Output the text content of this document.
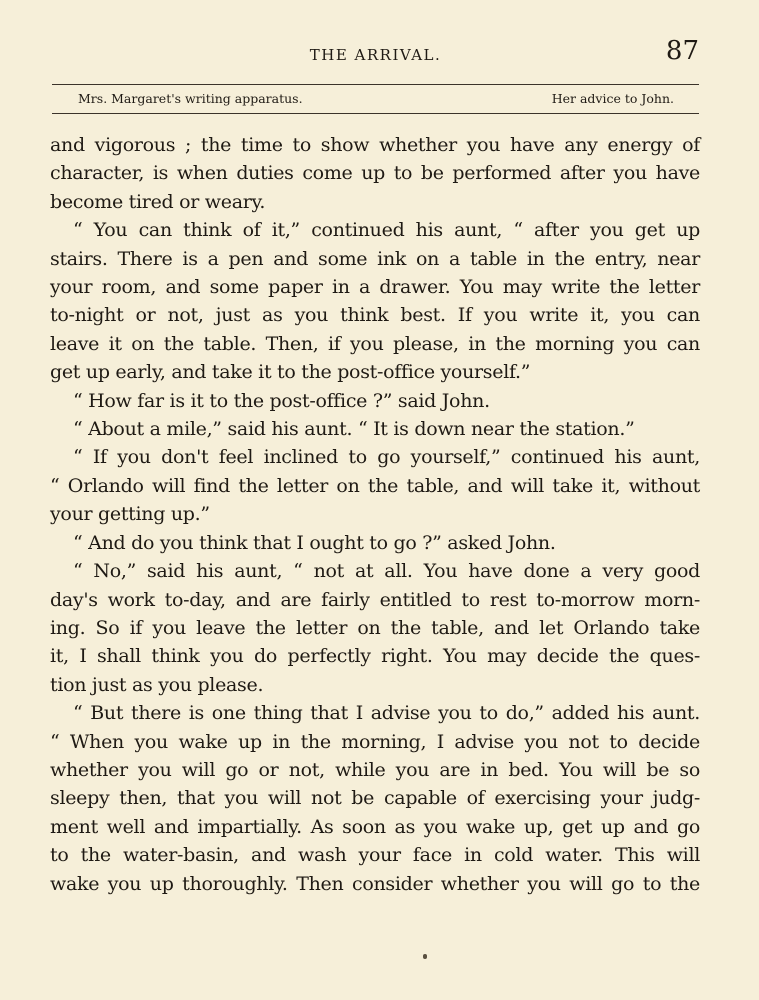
THE ARRIVAL.	87
Mrs. Margaret's writing apparatus.	Her advice to John.
and vigorous ; the time to show whether you have any energy of
character, is when duties come up to be performed after you have
become tired or weary.
“ You can think of it,” continued his aunt, “ after you get up
stairs. There is a pen and some ink on a table in the entry, near
your room, and some paper in a drawer. You may write the letter
to-night or not, just as you think best. If you write it, you can
leave it on the table. Then, if you please, in the morning you can
get up early, and take it to the post-office yourself.”
“ How far is it to the post-office ?” said John.
“ About a mile,” said his aunt. “ It is down near the station.”
“ If you don't feel inclined to go yourself,” continued his aunt,
“ Orlando will find the letter on the table, and will take it, without
your getting up.”
“ And do you think that I ought to go ?” asked John.
“ No,” said his aunt, “ not at all. You have done a very good
day's work to-day, and are fairly entitled to rest to-morrow morn-
ing. So if you leave the letter on the table, and let Orlando take
it, I shall think you do perfectly right. You may decide the ques-
tion just as you please.
“ But there is one thing that I advise you to do,” added his aunt.
“ When you wake up in the morning, I advise you not to decide
whether you will go or not, while you are in bed. You will be so
sleepy then, that you will not be capable of exercising your judg-
ment well and impartially. As soon as you wake up, get up and go
to the water-basin, and wash your face in cold water. This will
wake you up thoroughly. Then consider whether you will go to the
